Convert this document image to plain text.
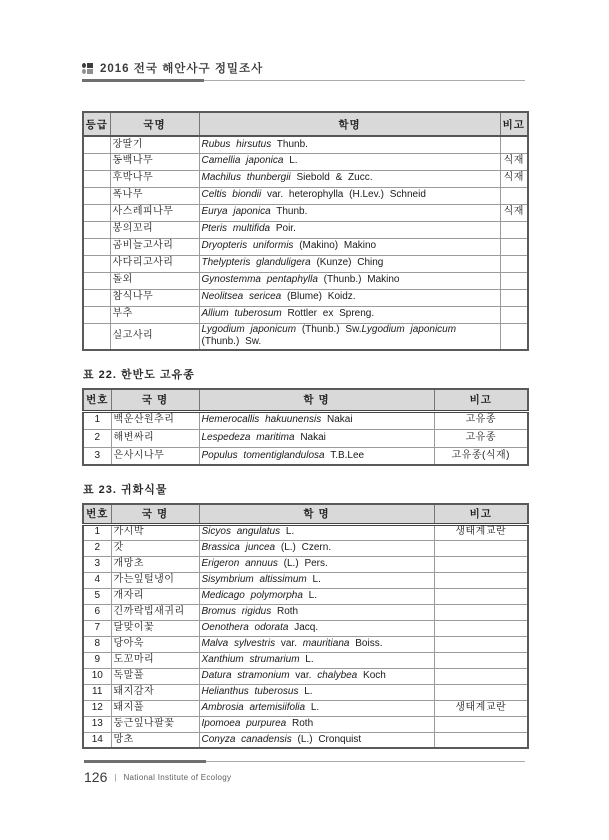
2016 전국 해안사구 정밀조사
등급	국명	학명	비고
	장딸기	Rubus hirsutus Thunb.	
	동백나무	Camellia japonica L.	식재
	후박나무	Machilus thunbergii Siebold & Zucc.	식재
	폭나무	Celtis biondii var. heterophylla (H.Lev.) Schneid	
	사스레피나무	Eurya japonica Thunb.	식재
	봉의꼬리	Pteris multifida Poir.	
	곰비늘고사리	Dryopteris uniformis (Makino) Makino	
	사다리고사리	Thelypteris glanduligera (Kunze) Ching	
	돌외	Gynostemma pentaphylla (Thunb.) Makino	
	참식나무	Neolitsea sericea (Blume) Koidz.	
	부추	Allium tuberosum Rottler ex Spreng.	
	실고사리	Lygodium japonicum (Thunb.) Sw.Lygodium japonicum (Thunb.) Sw.	
표 22. 한반도 고유종
번호	국 명	학 명	비고
1	백운산원추리	Hemerocallis hakuunensis Nakai	고유종
2	해변싸리	Lespedeza maritima Nakai	고유종
3	은사시나무	Populus tomentiglandulosa T.B.Lee	고유종(식재)
표 23. 귀화식물
번호	국 명	학 명	비고
1	가시박	Sicyos angulatus L.	생태계교란
2	갓	Brassica juncea (L.) Czern.	
3	개망초	Erigeron annuus (L.) Pers.	
4	가는잎털냉이	Sisymbrium altissimum L.	
5	개자리	Medicago polymorpha L.	
6	긴까락빕새귀리	Bromus rigidus Roth	
7	달맞이꽃	Oenothera odorata Jacq.	
8	당아욱	Malva sylvestris var. mauritiana Boiss.	
9	도꼬마리	Xanthium strumarium L.	
10	독말풀	Datura stramonium var. chalybea Koch	
11	돼지감자	Helianthus tuberosus L.	
12	돼지풀	Ambrosia artemisiifolia L.	생태계교란
13	둥근잎나팔꽃	Ipomoea purpurea Roth	
14	망초	Conyza canadensis (L.) Cronquist	
126 | National Institute of Ecology
